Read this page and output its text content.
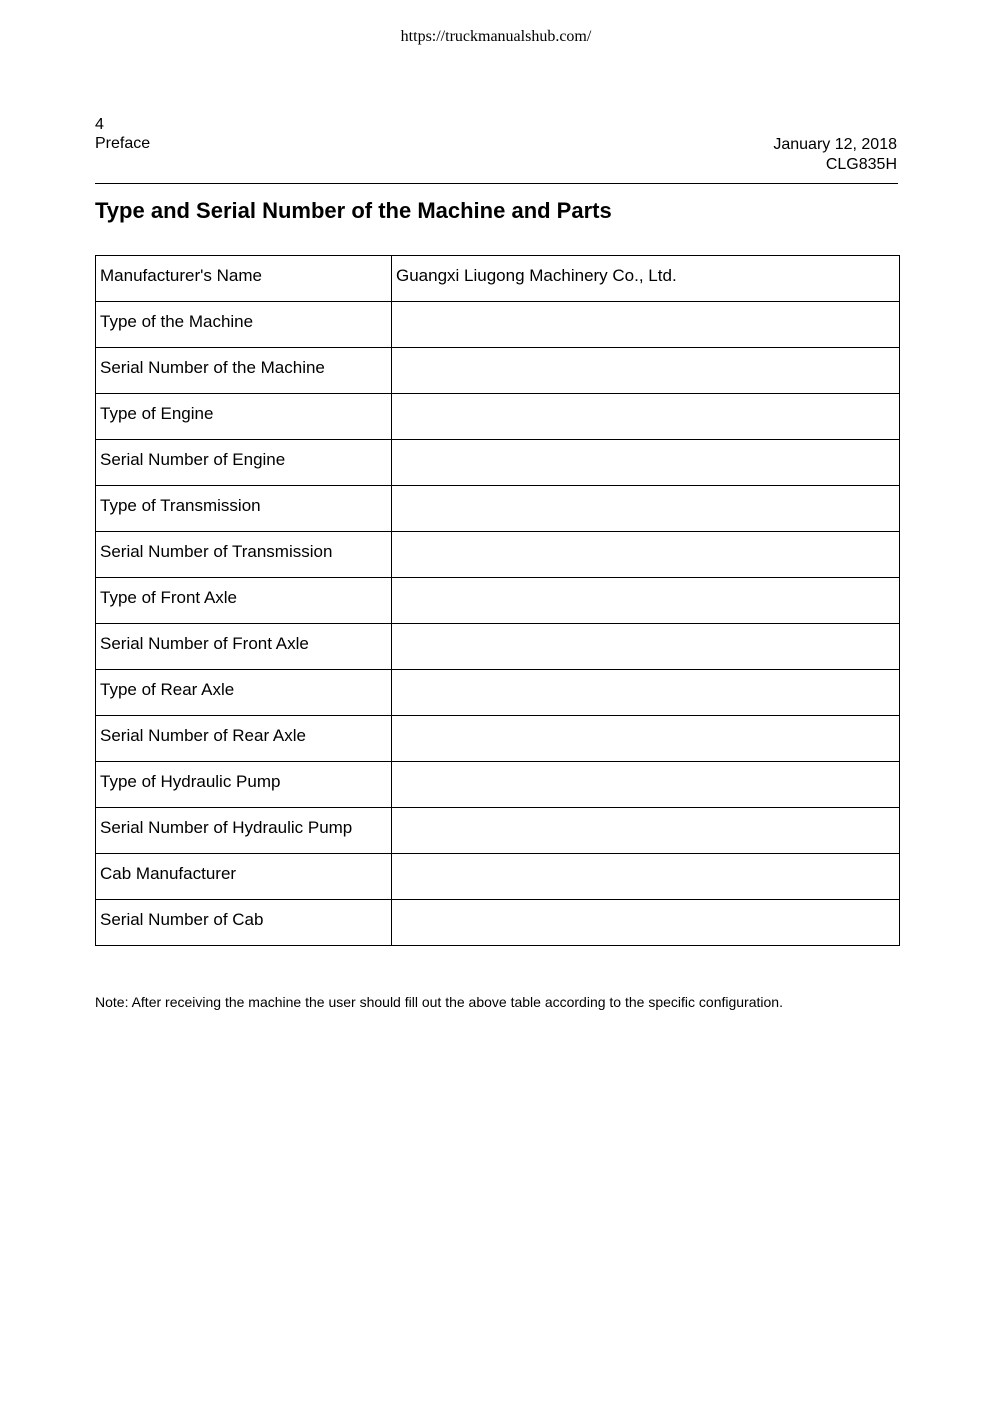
https://truckmanualshub.com/
4
Preface	January 12, 2018
CLG835H
Type and Serial Number of the Machine and Parts
Manufacturer's Name	Guangxi Liugong Machinery Co., Ltd.
Type of the Machine	
Serial Number of the Machine	
Type of Engine	
Serial Number of Engine	
Type of Transmission	
Serial Number of Transmission	
Type of Front Axle	
Serial Number of Front Axle	
Type of Rear Axle	
Serial Number of Rear Axle	
Type of Hydraulic Pump	
Serial Number of Hydraulic Pump	
Cab Manufacturer	
Serial Number of Cab	
Note: After receiving the machine the user should fill out the above table according to the specific configuration.
